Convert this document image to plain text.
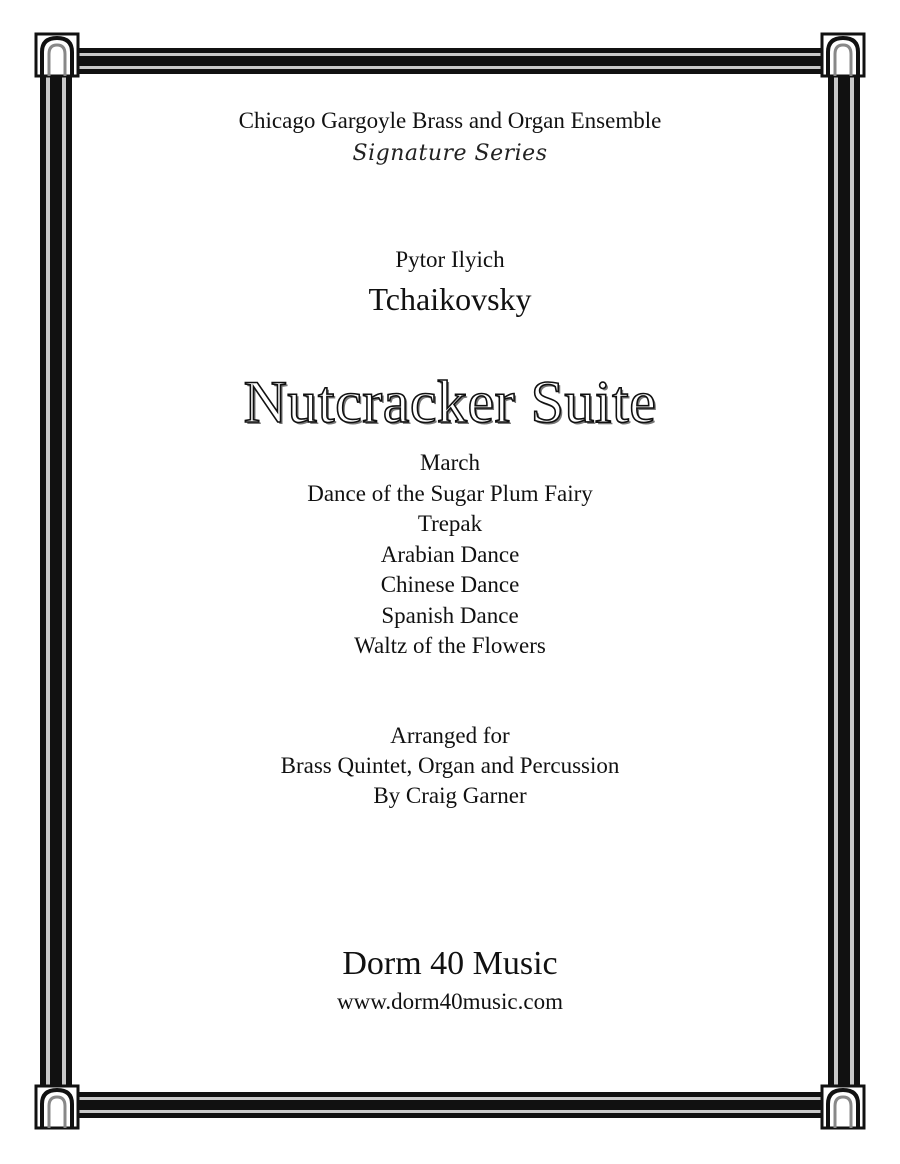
Chicago Gargoyle Brass and Organ Ensemble
Signature Series
Pytor Ilyich
Tchaikovsky
Nutcracker Suite
March
Dance of the Sugar Plum Fairy
Trepak
Arabian Dance
Chinese Dance
Spanish Dance
Waltz of the Flowers
Arranged for
Brass Quintet, Organ and Percussion
By Craig Garner
Dorm 40 Music
www.dorm40music.com
